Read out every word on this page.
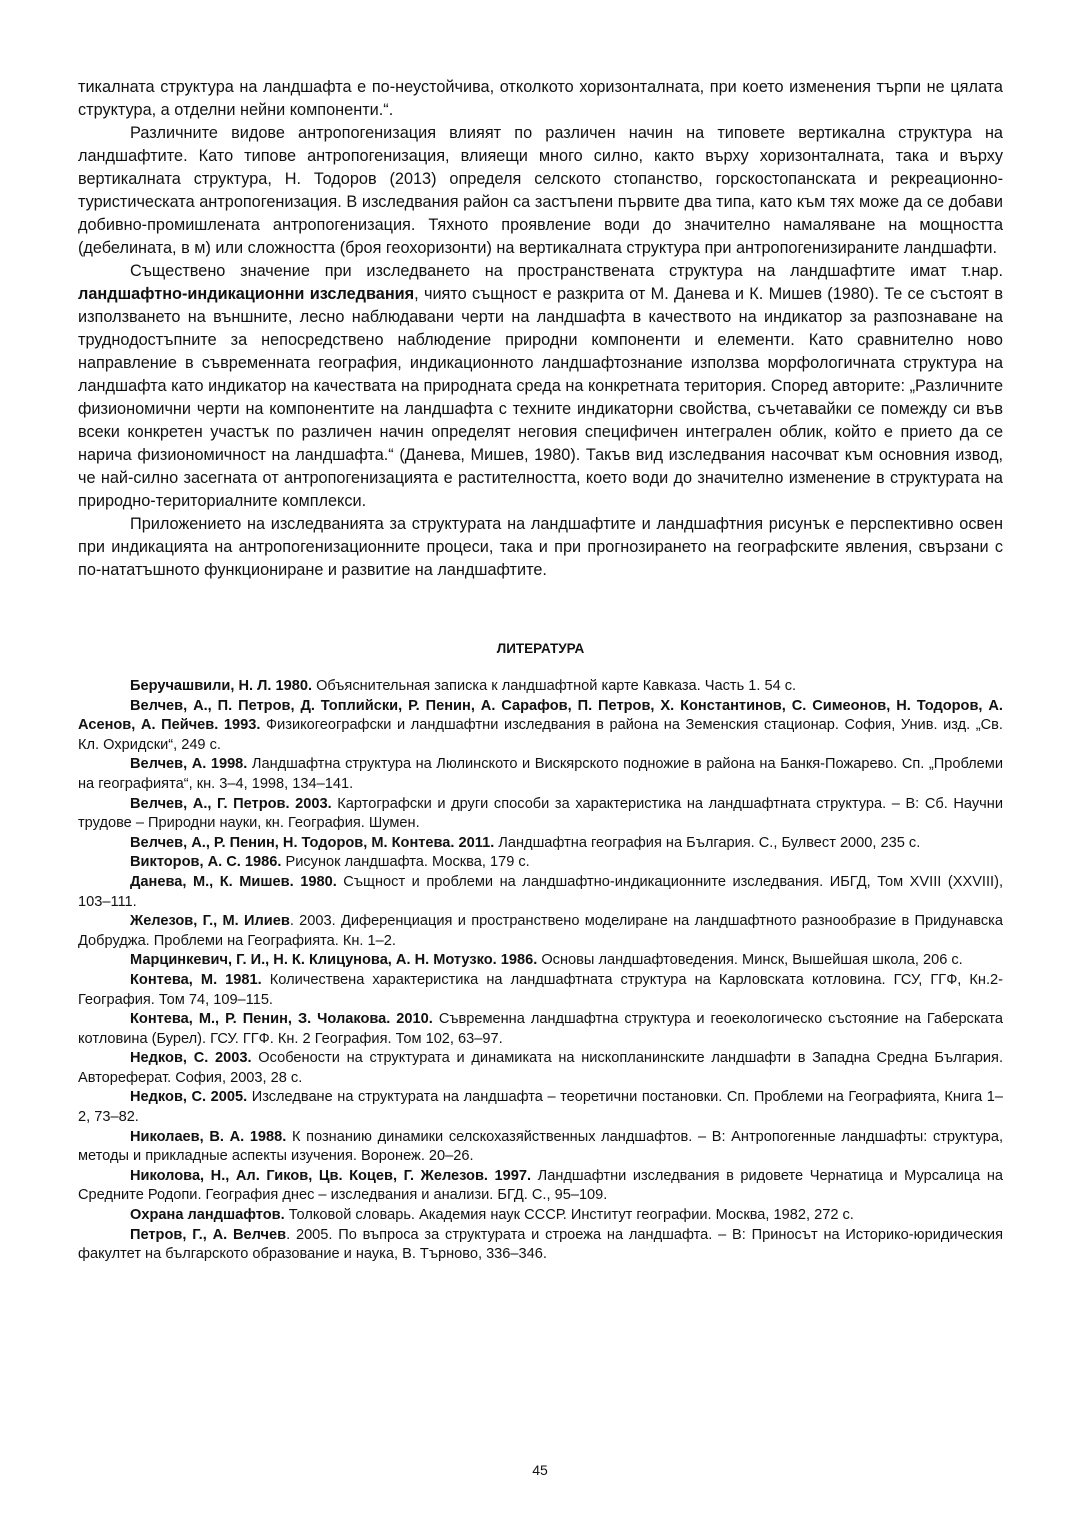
тикалната структура на ландшафта е по-неустойчива, отколкото хоризонталната, при което изменения търпи не цялата структура, а отделни нейни компоненти.“.

Различните видове антропогенизация влияят по различен начин на типовете вертикална структура на ландшафтите. Като типове антропогенизация, влияещи много силно, както върху хоризонталната, така и върху вертикалната структура, Н. Тодоров (2013) определя селското стопанство, горскостопанската и рекреационно-туристическата антропогенизация. В изследвания район са застъпени първите два типа, като към тях може да се добави добивно-промишлената антропогенизация. Тяхното проявление води до значително намаляване на мощността (дебелината, в м) или сложността (броя геохоризонти) на вертикалната структура при антропогенизираните ландшафти.

Съществено значение при изследването на пространствената структура на ландшафтите имат т.нар. ландшафтно-индикационни изследвания, чиято същност е разкрита от М. Данева и К. Мишев (1980). Те се състоят в използването на външните, лесно наблюдавани черти на ландшафта в качеството на индикатор за разпознаване на труднодостъпните за непосредствено наблюдение природни компоненти и елементи. Като сравнително ново направление в съвременната география, индикационното ландшафтознание използва морфологичната структура на ландшафта като индикатор на качествата на природната среда на конкретната територия. Според авторите: „Различните физиономични черти на компонентите на ландшафта с техните индикаторни свойства, съчетавайки се помежду си във всеки конкретен участък по различен начин определят неговия специфичен интегрален облик, който е прието да се нарича физиономичност на ландшафта.“ (Данева, Мишев, 1980). Такъв вид изследвания насочват към основния извод, че най-силно засегната от антропогенизацията е растителността, което води до значително изменение в структурата на природно-териториалните комплекси.

Приложението на изследванията за структурата на ландшафтите и ландшафтния рисунък е перспективно освен при индикацията на антропогенизационните процеси, така и при прогнозирането на географските явления, свързани с по-нататъшното функциониране и развитие на ландшафтите.

ЛИТЕРАТУРА

Беручашвили, Н. Л. 1980. Объяснительная записка к ландшафтной карте Кавказа. Часть 1. 54 с.

Велчев, А., П. Петров, Д. Топлийски, Р. Пенин, А. Сарафов, П. Петров, Х. Константинов, С. Симеонов, Н. Тодоров, А. Асенов, А. Пейчев. 1993. Физикогеографски и ландшафтни изследвания в района на Земенския стационар. София, Унив. изд. „Св. Кл. Охридски“, 249 с.

Велчев, А. 1998. Ландшафтна структура на Люлинското и Вискярското подножие в района на Банкя-Пожарево. Сп. „Проблеми на географията“, кн. 3–4, 1998, 134–141.

Велчев, А., Г. Петров. 2003. Картографски и други способи за характеристика на ландшафтната структура. – В: Сб. Научни трудове – Природни науки, кн. География. Шумен.

Велчев, А., Р. Пенин, Н. Тодоров, М. Контева. 2011. Ландшафтна география на България. С., Булвест 2000, 235 с.

Викторов, А. С. 1986. Рисунок ландшафта. Москва, 179 с.

Данева, М., К. Мишев. 1980. Същност и проблеми на ландшафтно-индикационните изследвания. ИБГД, Том XVIII (XXVIII), 103–111.

Железов, Г., М. Илиев. 2003. Диференциация и пространствено моделиране на ландшафтното разнообразие в Придунавска Добруджа. Проблеми на Географията. Кн. 1–2.

Марцинкевич, Г. И., Н. К. Клицунова, А. Н. Мотузко. 1986. Основы ландшафтоведения. Минск, Вышейшая школа, 206 с.

Контева, М. 1981. Количествена характеристика на ландшафтната структура на Карловската котловина. ГСУ, ГГФ, Кн.2-География. Том 74, 109–115.

Контева, М., Р. Пенин, З. Чолакова. 2010. Съвременна ландшафтна структура и геоекологическо състояние на Габерската котловина (Бурел). ГСУ. ГГФ. Кн. 2 География. Том 102, 63–97.

Недков, С. 2003. Особености на структурата и динамиката на нископланинските ландшафти в Западна Средна България. Автореферат. София, 2003, 28 с.

Недков, С. 2005. Изследване на структурата на ландшафта – теоретични постановки. Сп. Проблеми на Географията, Книга 1–2, 73–82.

Николаев, В. А. 1988. К познанию динамики селскохазяйственных ландшафтов. – В: Антропогенные ландшафты: структура, методы и прикладные аспекты изучения. Воронеж. 20–26.

Николова, Н., Ал. Гиков, Цв. Коцев, Г. Железов. 1997. Ландшафтни изследвания в ридовете Чернатица и Мурсалица на Средните Родопи. География днес – изследвания и анализи. БГД. С., 95–109.

Охрана ландшафтов. Толковой словарь. Академия наук СССР. Институт географии. Москва, 1982, 272 с.

Петров, Г., А. Велчев. 2005. По въпроса за структурата и строежа на ландшафта. – В: Приносът на Историко-юридическия факултет на българското образование и наука, В. Търново, 336–346.

45
